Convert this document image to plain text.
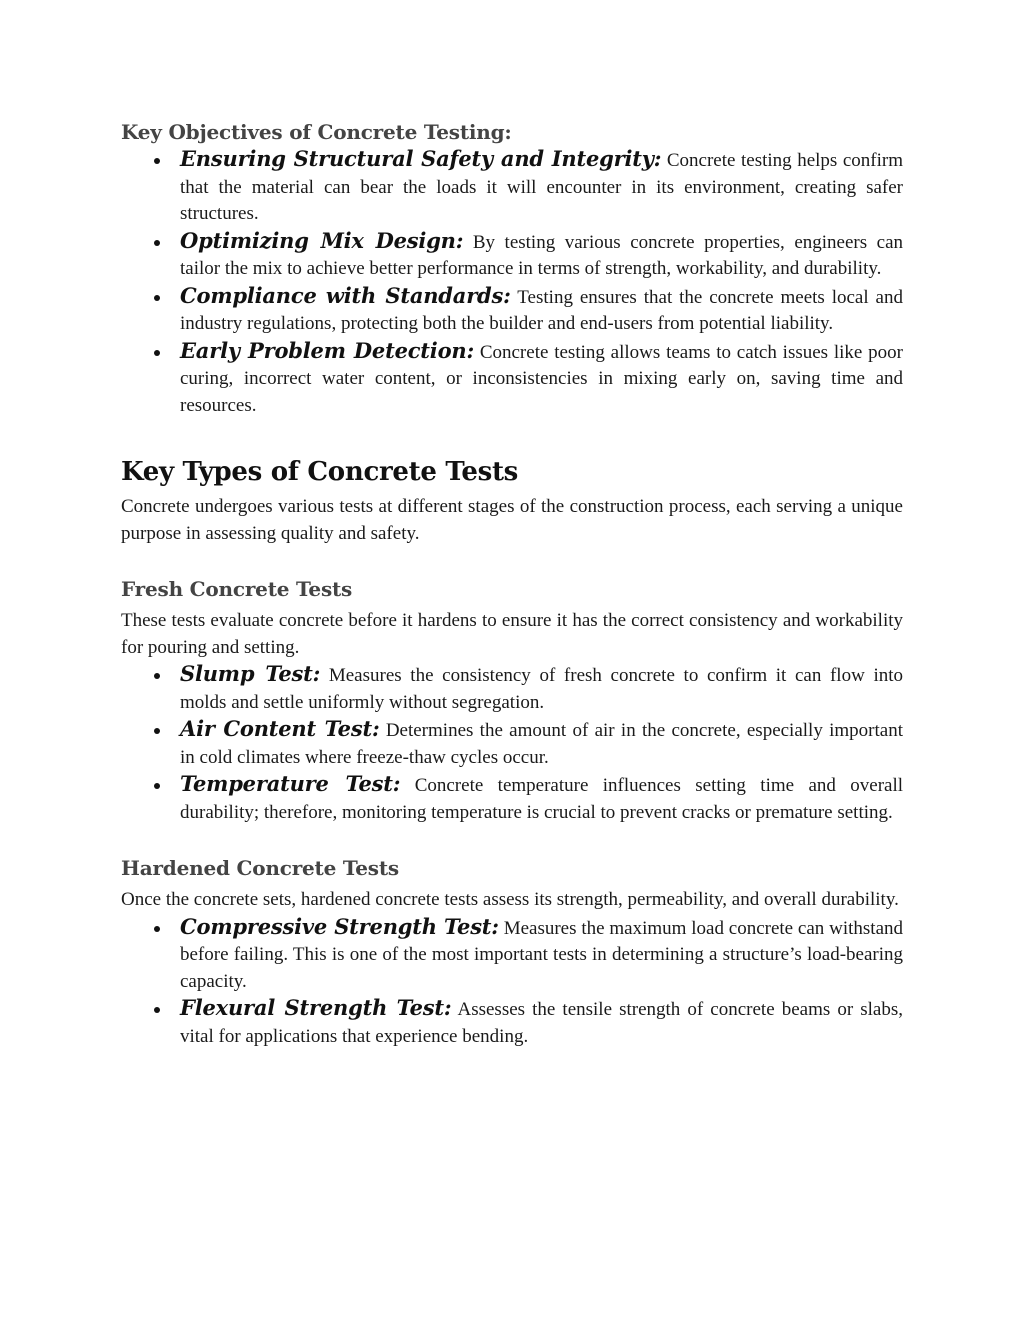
Key Objectives of Concrete Testing:
Ensuring Structural Safety and Integrity: Concrete testing helps confirm that the material can bear the loads it will encounter in its environment, creating safer structures.
Optimizing Mix Design: By testing various concrete properties, engineers can tailor the mix to achieve better performance in terms of strength, workability, and durability.
Compliance with Standards: Testing ensures that the concrete meets local and industry regulations, protecting both the builder and end-users from potential liability.
Early Problem Detection: Concrete testing allows teams to catch issues like poor curing, incorrect water content, or inconsistencies in mixing early on, saving time and resources.
Key Types of Concrete Tests

Concrete undergoes various tests at different stages of the construction process, each serving a unique purpose in assessing quality and safety.

Fresh Concrete Tests

These tests evaluate concrete before it hardens to ensure it has the correct consistency and workability for pouring and setting.

Slump Test: Measures the consistency of fresh concrete to confirm it can flow into molds and settle uniformly without segregation.
Air Content Test: Determines the amount of air in the concrete, especially important in cold climates where freeze-thaw cycles occur.
Temperature Test: Concrete temperature influences setting time and overall durability; therefore, monitoring temperature is crucial to prevent cracks or premature setting.
Hardened Concrete Tests

Once the concrete sets, hardened concrete tests assess its strength, permeability, and overall durability.

Compressive Strength Test: Measures the maximum load concrete can withstand before failing. This is one of the most important tests in determining a structure’s load-bearing capacity.
Flexural Strength Test: Assesses the tensile strength of concrete beams or slabs, vital for applications that experience bending.
